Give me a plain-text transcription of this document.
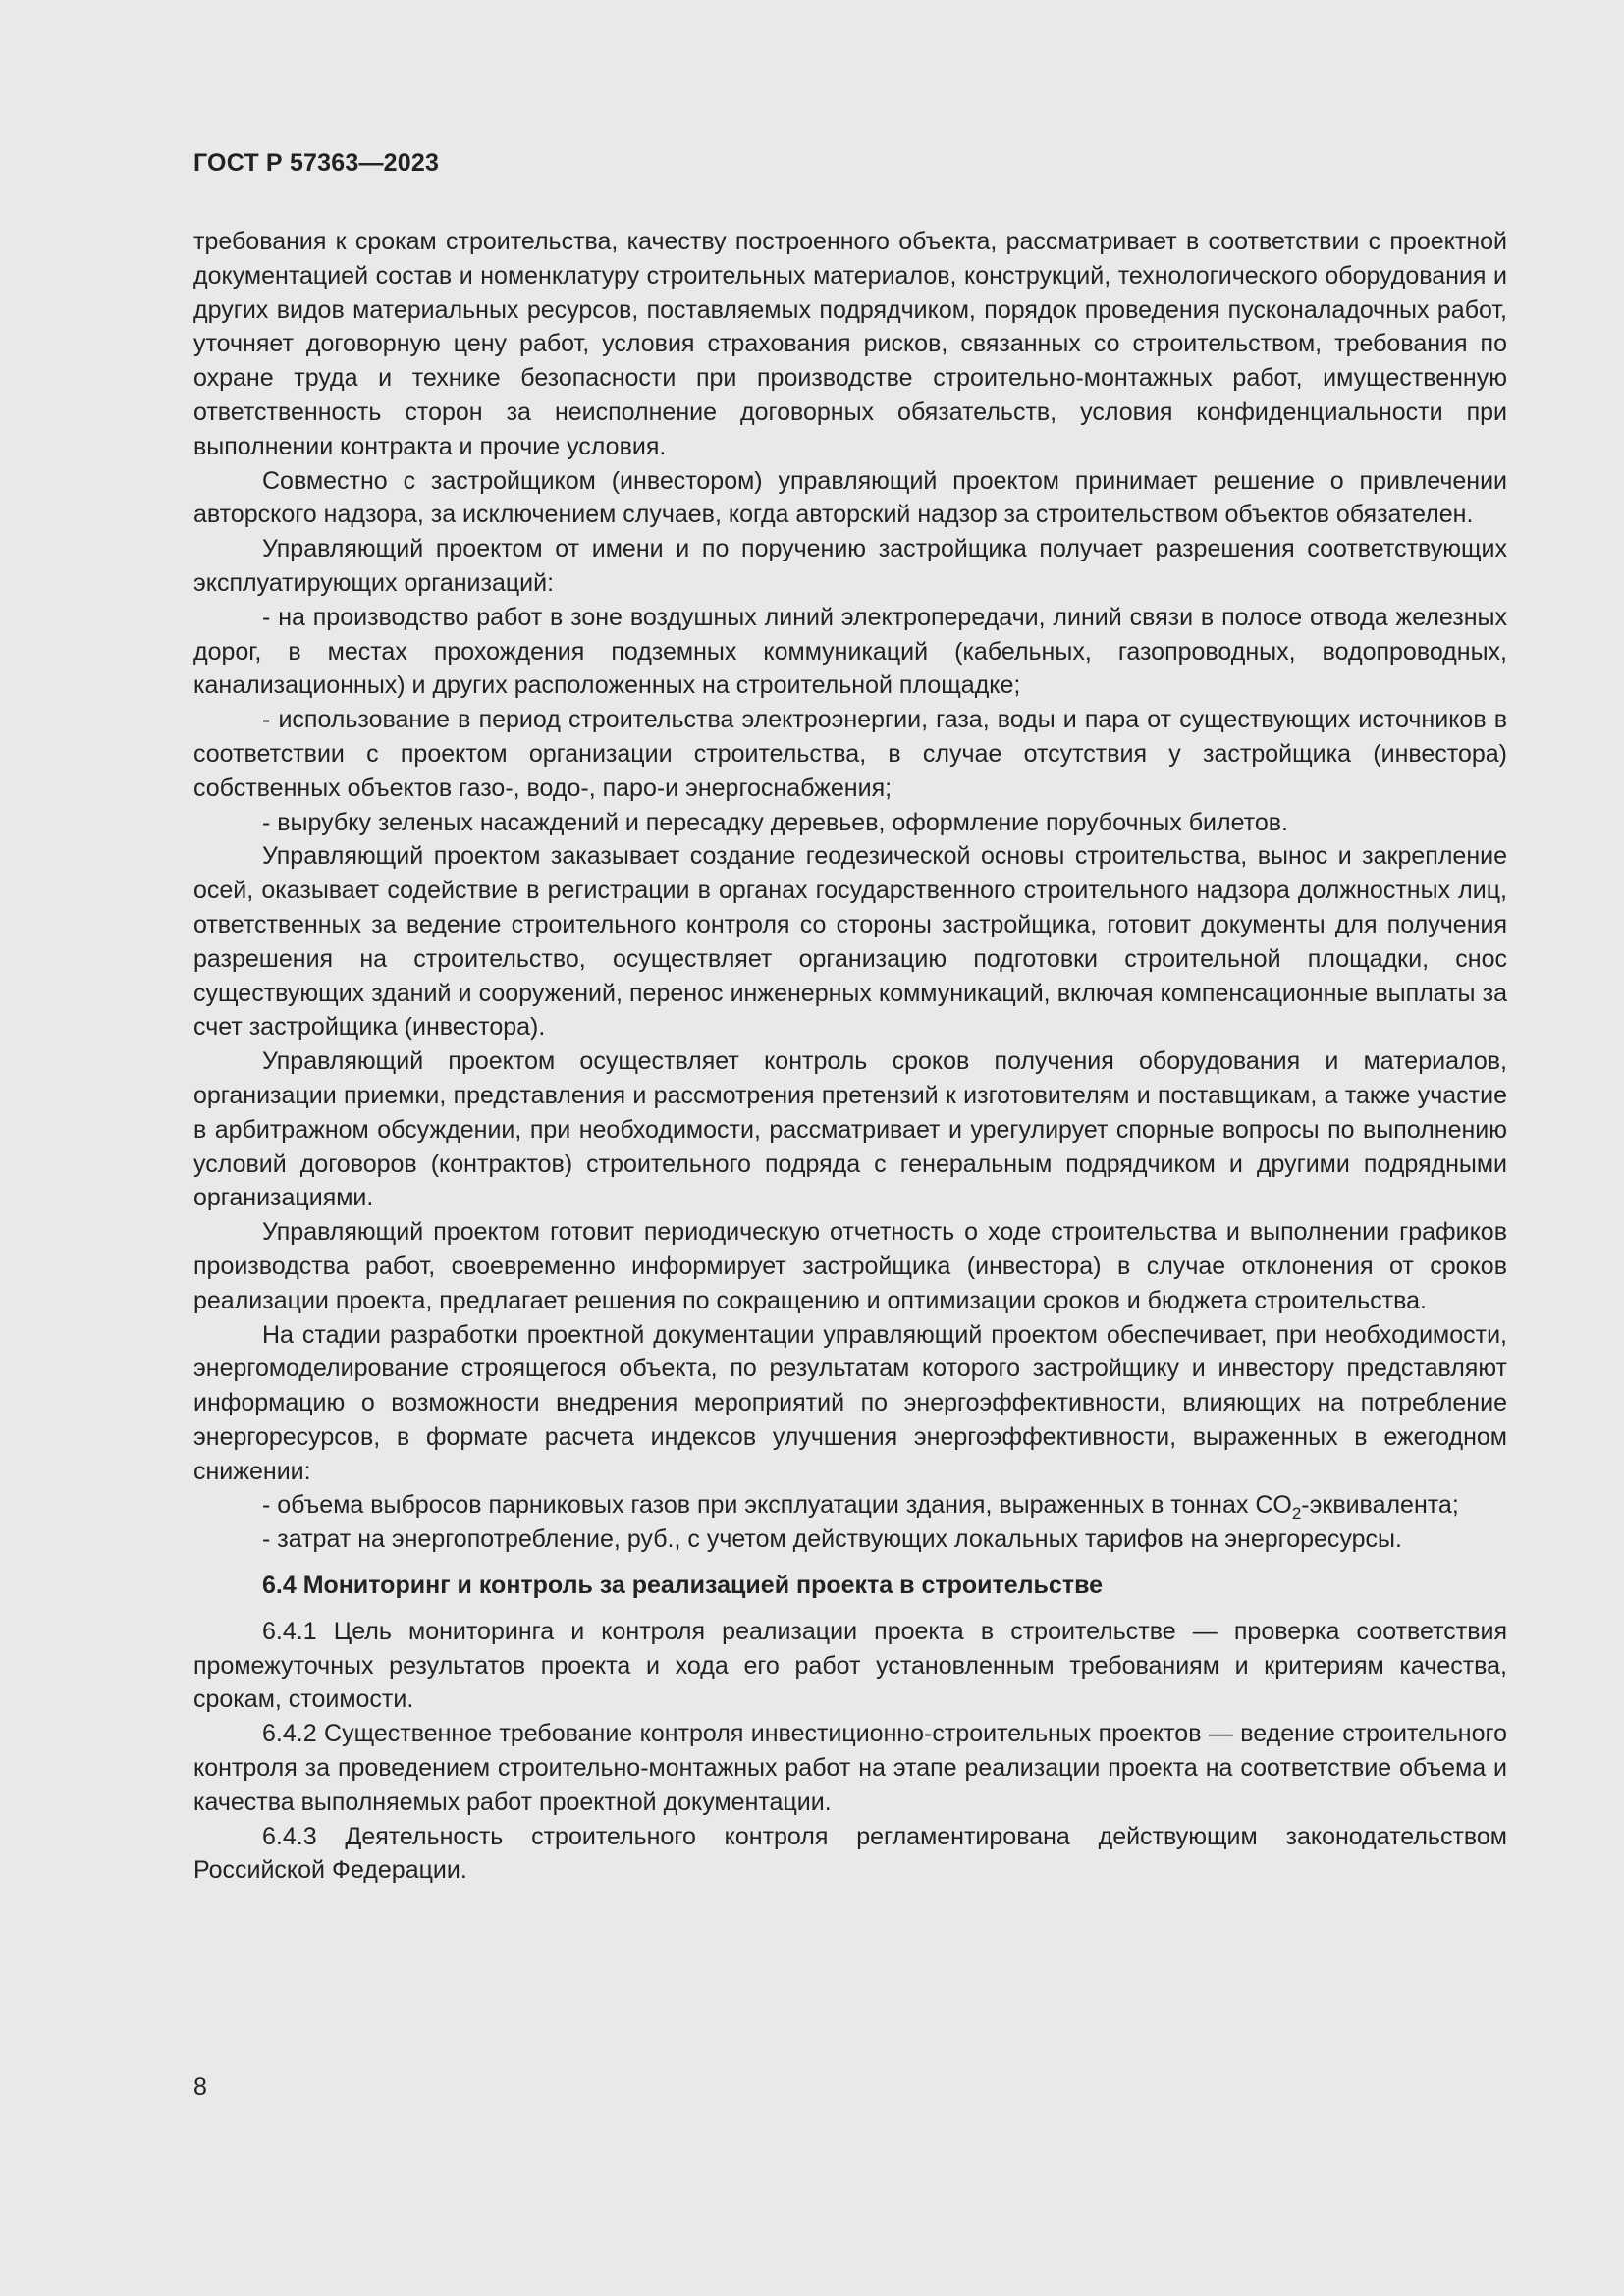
ГОСТ Р 57363—2023

требования к срокам строительства, качеству построенного объекта, рассматривает в соответствии с проектной документацией состав и номенклатуру строительных материалов, конструкций, технологического оборудования и других видов материальных ресурсов, поставляемых подрядчиком, порядок проведения пусконаладочных работ, уточняет договорную цену работ, условия страхования рисков, связанных со строительством, требования по охране труда и технике безопасности при производстве строительно-монтажных работ, имущественную ответственность сторон за неисполнение договорных обязательств, условия конфиденциальности при выполнении контракта и прочие условия.

Совместно с застройщиком (инвестором) управляющий проектом принимает решение о привлечении авторского надзора, за исключением случаев, когда авторский надзор за строительством объектов обязателен.

Управляющий проектом от имени и по поручению застройщика получает разрешения соответствующих эксплуатирующих организаций:

- на производство работ в зоне воздушных линий электропередачи, линий связи в полосе отвода железных дорог, в местах прохождения подземных коммуникаций (кабельных, газопроводных, водопроводных, канализационных) и других расположенных на строительной площадке;

- использование в период строительства электроэнергии, газа, воды и пара от существующих источников в соответствии с проектом организации строительства, в случае отсутствия у застройщика (инвестора) собственных объектов газо-, водо-, паро-и энергоснабжения;

- вырубку зеленых насаждений и пересадку деревьев, оформление порубочных билетов.

Управляющий проектом заказывает создание геодезической основы строительства, вынос и закрепление осей, оказывает содействие в регистрации в органах государственного строительного надзора должностных лиц, ответственных за ведение строительного контроля со стороны застройщика, готовит документы для получения разрешения на строительство, осуществляет организацию подготовки строительной площадки, снос существующих зданий и сооружений, перенос инженерных коммуникаций, включая компенсационные выплаты за счет застройщика (инвестора).

Управляющий проектом осуществляет контроль сроков получения оборудования и материалов, организации приемки, представления и рассмотрения претензий к изготовителям и поставщикам, а также участие в арбитражном обсуждении, при необходимости, рассматривает и урегулирует спорные вопросы по выполнению условий договоров (контрактов) строительного подряда с генеральным подрядчиком и другими подрядными организациями.

Управляющий проектом готовит периодическую отчетность о ходе строительства и выполнении графиков производства работ, своевременно информирует застройщика (инвестора) в случае отклонения от сроков реализации проекта, предлагает решения по сокращению и оптимизации сроков и бюджета строительства.

На стадии разработки проектной документации управляющий проектом обеспечивает, при необходимости, энергомоделирование строящегося объекта, по результатам которого застройщику и инвестору представляют информацию о возможности внедрения мероприятий по энергоэффективности, влияющих на потребление энергоресурсов, в формате расчета индексов улучшения энергоэффективности, выраженных в ежегодном снижении:

- объема выбросов парниковых газов при эксплуатации здания, выраженных в тоннах $CO_2$-эквивалента;

- затрат на энергопотребление, руб., с учетом действующих локальных тарифов на энергоресурсы.

6.4 Мониторинг и контроль за реализацией проекта в строительстве

6.4.1 Цель мониторинга и контроля реализации проекта в строительстве — проверка соответствия промежуточных результатов проекта и хода его работ установленным требованиям и критериям качества, срокам, стоимости.

6.4.2 Существенное требование контроля инвестиционно-строительных проектов — ведение строительного контроля за проведением строительно-монтажных работ на этапе реализации проекта на соответствие объема и качества выполняемых работ проектной документации.

6.4.3 Деятельность строительного контроля регламентирована действующим законодательством Российской Федерации.

8
